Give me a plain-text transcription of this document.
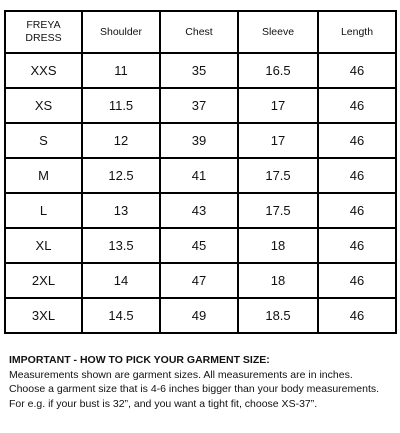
FREYA
DRESS	Shoulder	Chest	Sleeve	Length
XXS	11	35	16.5	46
XS	11.5	37	17	46
S	12	39	17	46
M	12.5	41	17.5	46
L	13	43	17.5	46
XL	13.5	45	18	46
2XL	14	47	18	46
3XL	14.5	49	18.5	46
IMPORTANT - HOW TO PICK YOUR GARMENT SIZE:
Measurements shown are garment sizes. All measurements are in inches.
Choose a garment size that is 4-6 inches bigger than your body measurements.
For e.g. if your bust is 32”, and you want a tight fit, choose XS-37”.
